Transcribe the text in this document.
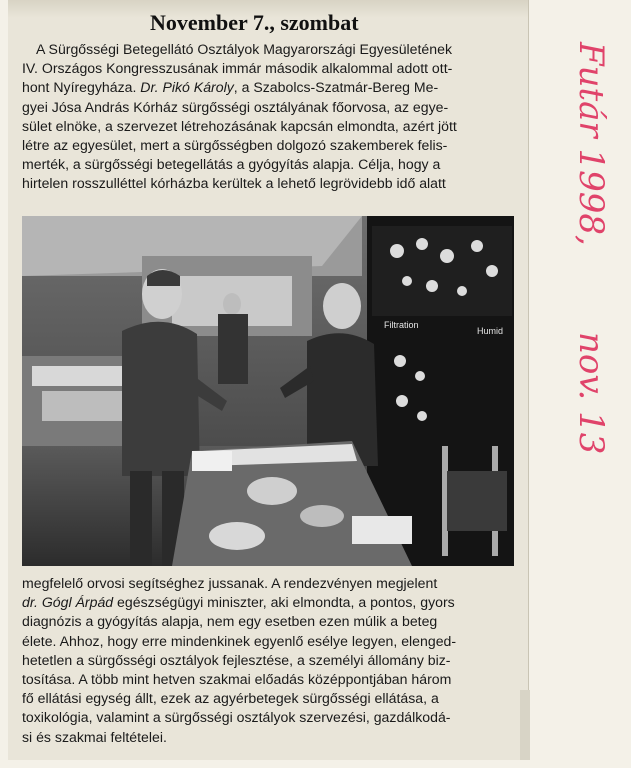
November 7., szombat
A Sürgősségi Betegellátó Osztályok Magyarországi Egyesületének
IV. Országos Kongresszusának immár második alkalommal adott ott-
hont Nyíregyháza. Dr. Pikó Károly, a Szabolcs-Szatmár-Bereg Me-
gyei Jósa András Kórház sürgősségi osztályának főorvosa, az egye-
sület elnöke, a szervezet létrehozásának kapcsán elmondta, azért jött
létre az egyesület, mert a sürgősségben dolgozó szakemberek felis-
merték, a sürgősségi betegellátás a gyógyítás alapja. Célja, hogy a
hirtelen rosszulléttel kórházba kerültek a lehető legrövidebb idő alatt
Filtration
Humid
megfelelő orvosi segítséghez jussanak. A rendezvényen megjelent
dr. Gógl Árpád egészségügyi miniszter, aki elmondta, a pontos, gyors
diagnózis a gyógyítás alapja, nem egy esetben ezen múlik a beteg
élete. Ahhoz, hogy erre mindenkinek egyenlő esélye legyen, elenged-
hetetlen a sürgősségi osztályok fejlesztése, a személyi állomány biz-
tosítása. A több mint hetven szakmai előadás középpontjában három
fő ellátási egység állt, ezek az agyérbetegek sürgősségi ellátása, a
toxikológia, valamint a sürgősségi osztályok szervezési, gazdálkodá-
si és szakmai feltételei.
Futár 1998,
nov. 13
